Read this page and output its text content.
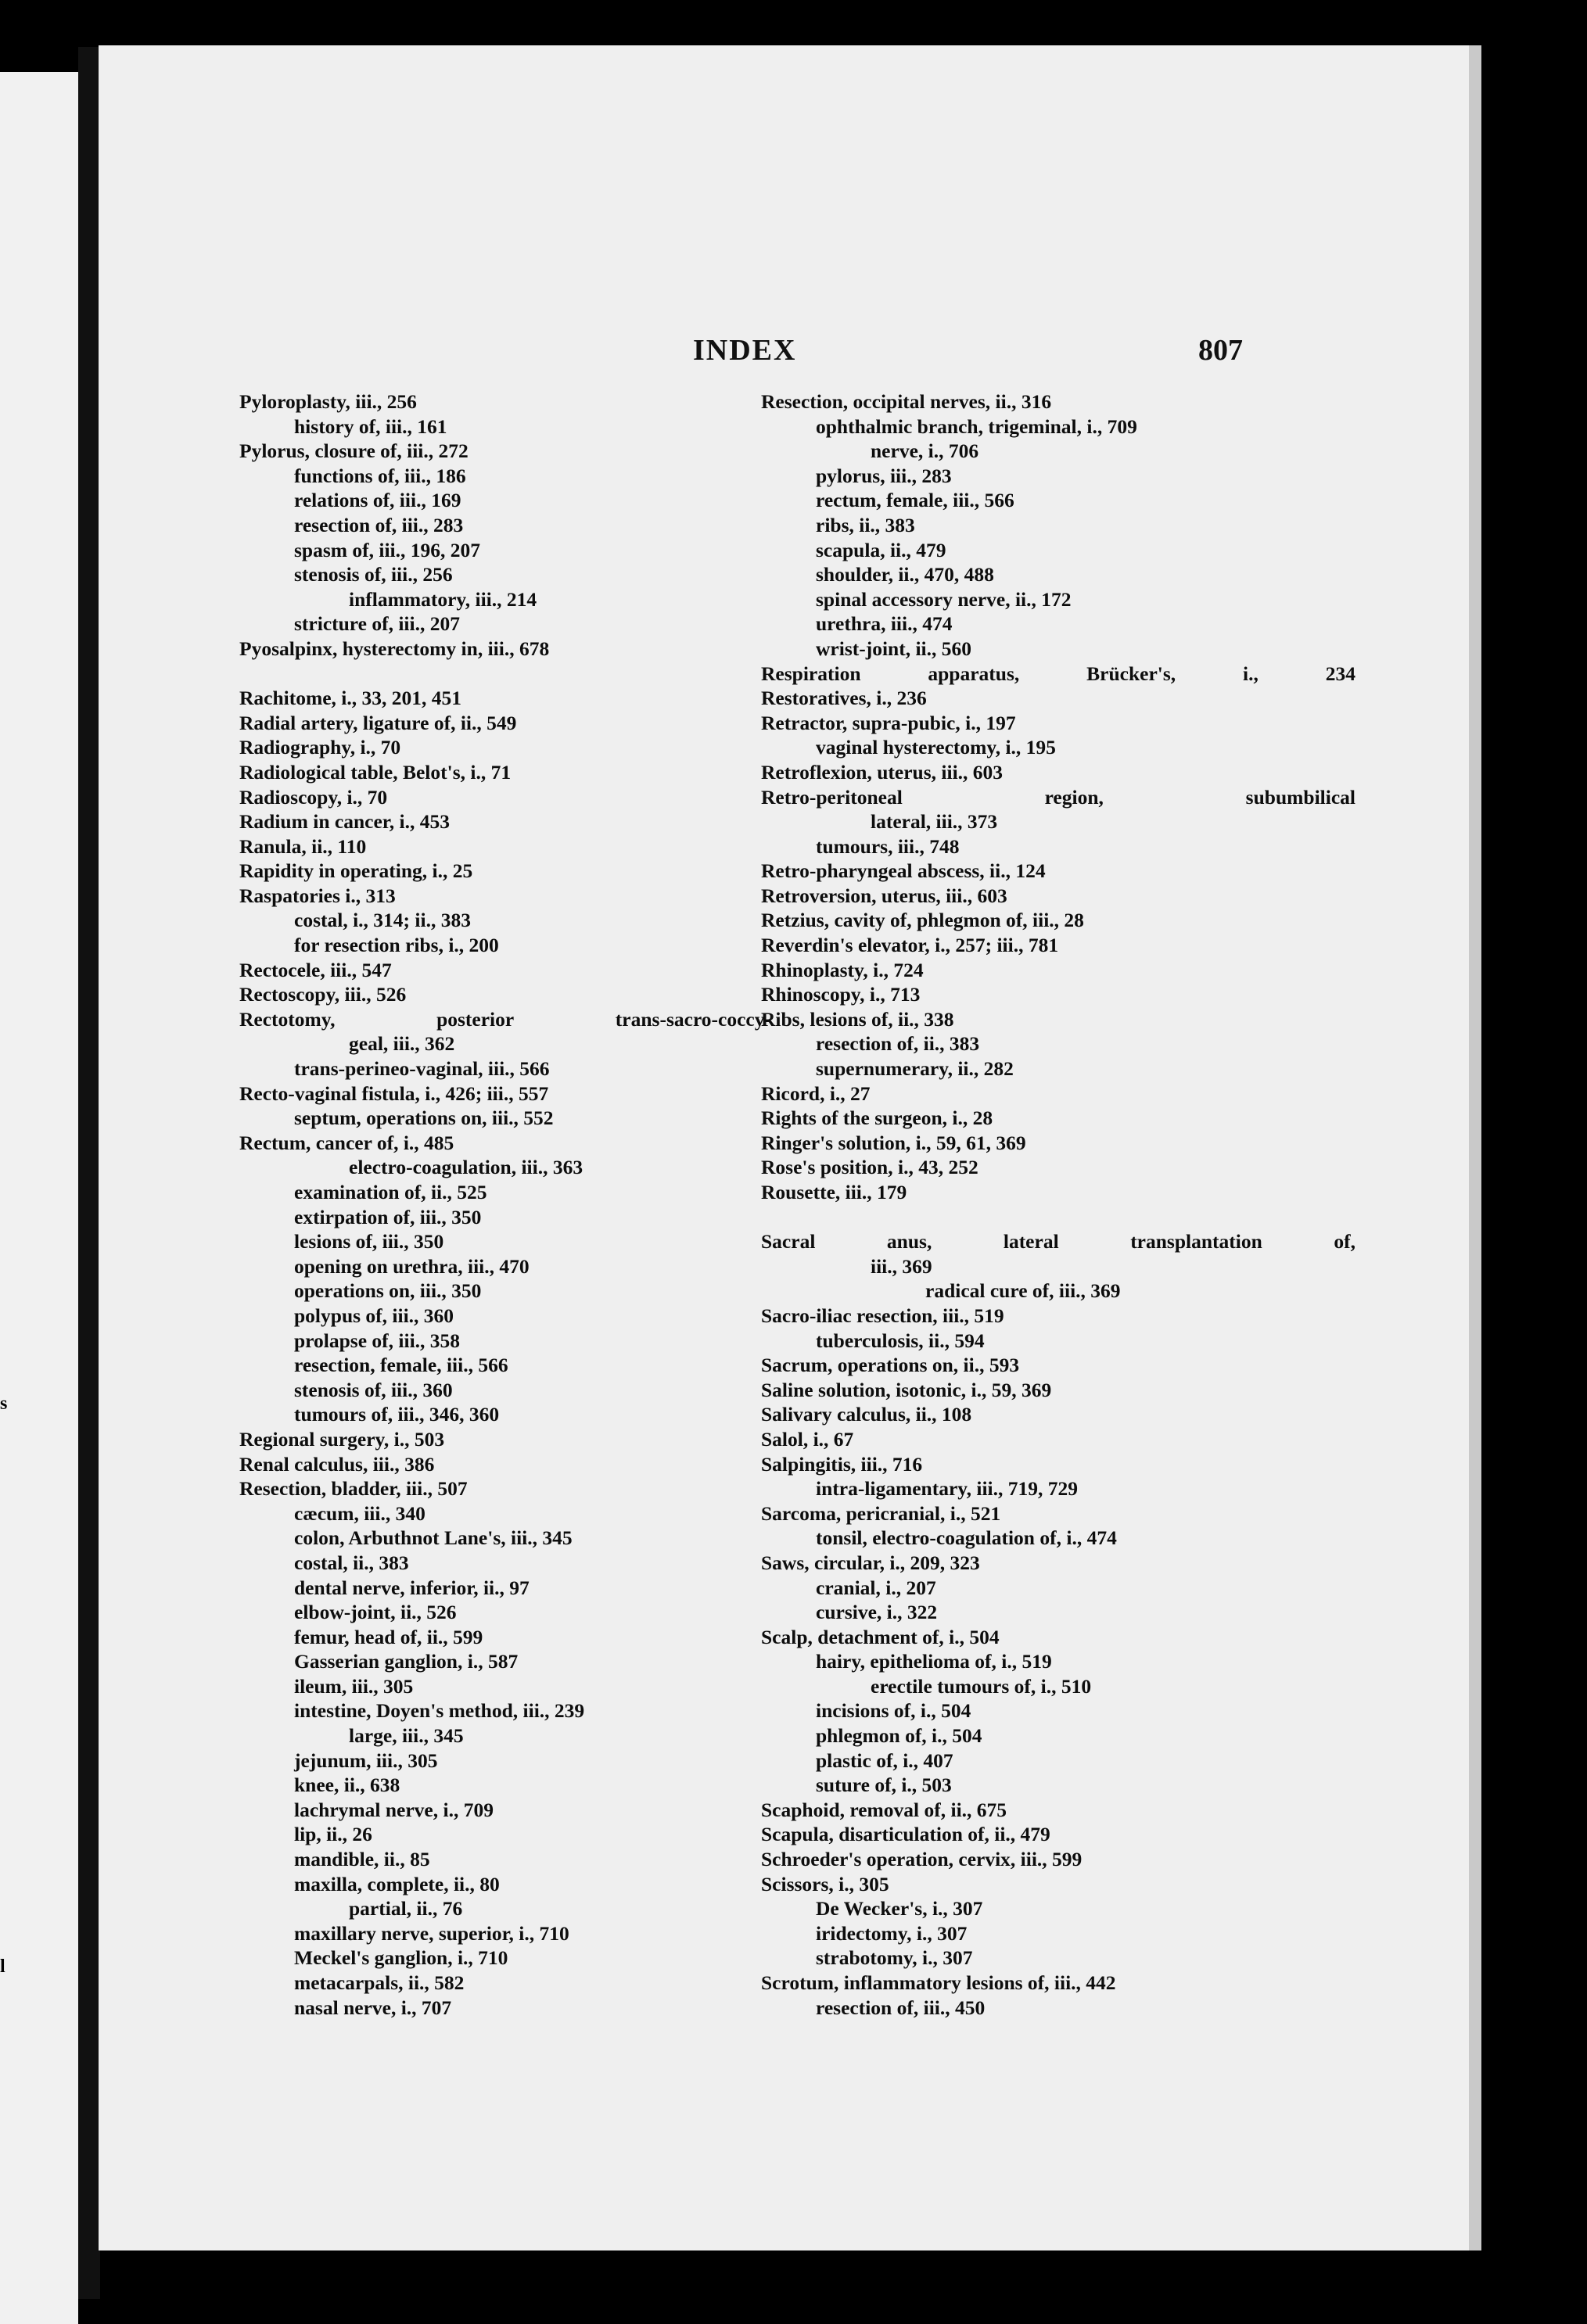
s
l
INDEX	807
Pyloroplasty, iii., 256
history of, iii., 161
Pylorus, closure of, iii., 272
functions of, iii., 186
relations of, iii., 169
resection of, iii., 283
spasm of, iii., 196, 207
stenosis of, iii., 256
inflammatory, iii., 214
stricture of, iii., 207
Pyosalpinx, hysterectomy in, iii., 678
Rachitome, i., 33, 201, 451
Radial artery, ligature of, ii., 549
Radiography, i., 70
Radiological table, Belot's, i., 71
Radioscopy, i., 70
Radium in cancer, i., 453
Ranula, ii., 110
Rapidity in operating, i., 25
Raspatories i., 313
costal, i., 314; ii., 383
for resection ribs, i., 200
Rectocele, iii., 547
Rectoscopy, iii., 526
Rectotomy,	posterior	trans-sacro-coccy-
geal, iii., 362
trans-perineo-vaginal, iii., 566
Recto-vaginal fistula, i., 426; iii., 557
septum, operations on, iii., 552
Rectum, cancer of, i., 485
electro-coagulation, iii., 363
examination of, ii., 525
extirpation of, iii., 350
lesions of, iii., 350
opening on urethra, iii., 470
operations on, iii., 350
polypus of, iii., 360
prolapse of, iii., 358
resection, female, iii., 566
stenosis of, iii., 360
tumours of, iii., 346, 360
Regional surgery, i., 503
Renal calculus, iii., 386
Resection, bladder, iii., 507
cæcum, iii., 340
colon, Arbuthnot Lane's, iii., 345
costal, ii., 383
dental nerve, inferior, ii., 97
elbow-joint, ii., 526
femur, head of, ii., 599
Gasserian ganglion, i., 587
ileum, iii., 305
intestine, Doyen's method, iii., 239
large, iii., 345
jejunum, iii., 305
knee, ii., 638
lachrymal nerve, i., 709
lip, ii., 26
mandible, ii., 85
maxilla, complete, ii., 80
partial, ii., 76
maxillary nerve, superior, i., 710
Meckel's ganglion, i., 710
metacarpals, ii., 582
nasal nerve, i., 707
Resection, occipital nerves, ii., 316
ophthalmic branch, trigeminal, i., 709
nerve, i., 706
pylorus, iii., 283
rectum, female, iii., 566
ribs, ii., 383
scapula, ii., 479
shoulder, ii., 470, 488
spinal accessory nerve, ii., 172
urethra, iii., 474
wrist-joint, ii., 560
Respiration	apparatus,	Brücker's,	i.,	234
Restoratives, i., 236
Retractor, supra-pubic, i., 197
vaginal hysterectomy, i., 195
Retroflexion, uterus, iii., 603
Retro-peritoneal	region,	subumbilical
lateral, iii., 373
tumours, iii., 748
Retro-pharyngeal abscess, ii., 124
Retroversion, uterus, iii., 603
Retzius, cavity of, phlegmon of, iii., 28
Reverdin's elevator, i., 257; iii., 781
Rhinoplasty, i., 724
Rhinoscopy, i., 713
Ribs, lesions of, ii., 338
resection of, ii., 383
supernumerary, ii., 282
Ricord, i., 27
Rights of the surgeon, i., 28
Ringer's solution, i., 59, 61, 369
Rose's position, i., 43, 252
Rousette, iii., 179
Sacral	anus,	lateral	transplantation	of,
iii., 369
radical cure of, iii., 369
Sacro-iliac resection, iii., 519
tuberculosis, ii., 594
Sacrum, operations on, ii., 593
Saline solution, isotonic, i., 59, 369
Salivary calculus, ii., 108
Salol, i., 67
Salpingitis, iii., 716
intra-ligamentary, iii., 719, 729
Sarcoma, pericranial, i., 521
tonsil, electro-coagulation of, i., 474
Saws, circular, i., 209, 323
cranial, i., 207
cursive, i., 322
Scalp, detachment of, i., 504
hairy, epithelioma of, i., 519
erectile tumours of, i., 510
incisions of, i., 504
phlegmon of, i., 504
plastic of, i., 407
suture of, i., 503
Scaphoid, removal of, ii., 675
Scapula, disarticulation of, ii., 479
Schroeder's operation, cervix, iii., 599
Scissors, i., 305
De Wecker's, i., 307
iridectomy, i., 307
strabotomy, i., 307
Scrotum, inflammatory lesions of, iii., 442
resection of, iii., 450
